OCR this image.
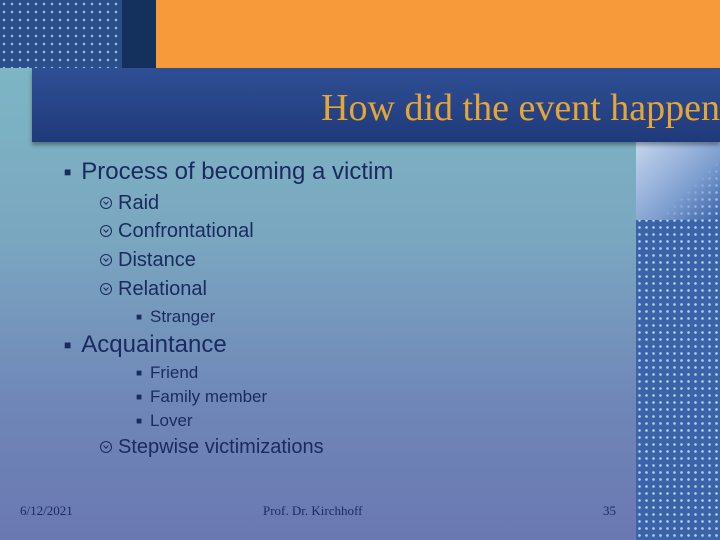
How did the event happen
■ Process of becoming a victim
Raid
Confrontational
Distance
Relational
■ Stranger
■ Acquaintance
■ Friend
■ Family member
■ Lover
Stepwise victimizations
6/12/2021	Prof. Dr. Kirchhoff	35
